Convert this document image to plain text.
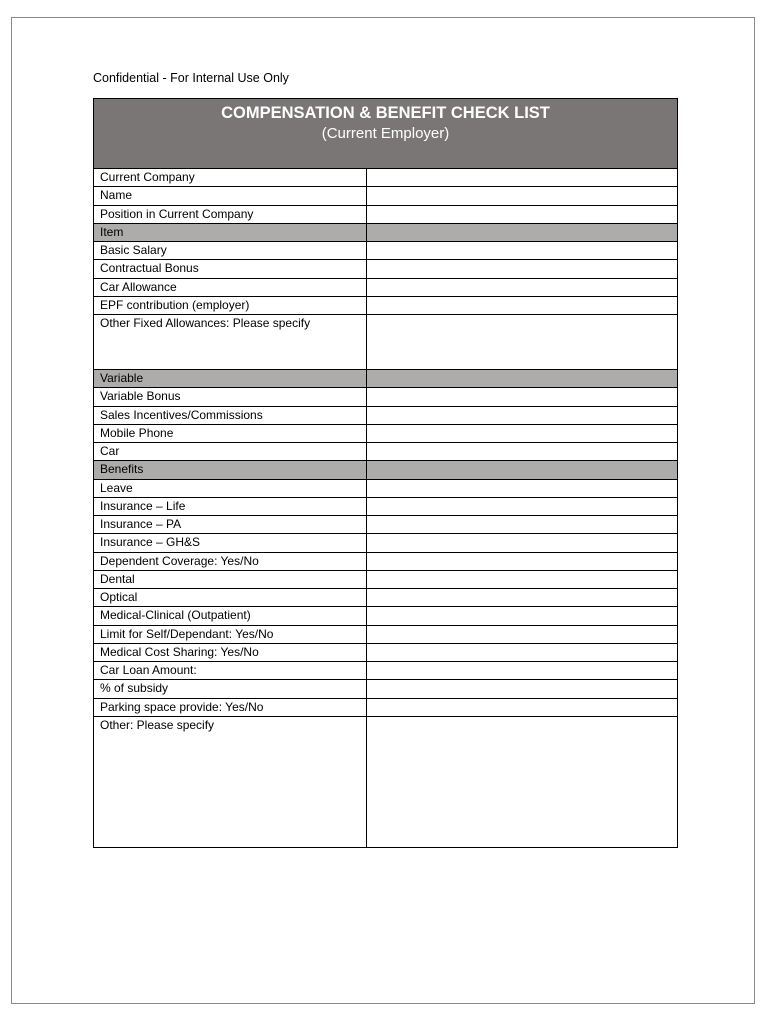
Confidential - For Internal Use Only
COMPENSATION & BENEFIT CHECK LIST
(Current Employer)
Current Company
Name
Position in Current Company
Item
Basic Salary
Contractual Bonus
Car Allowance
EPF contribution (employer)
Other Fixed Allowances: Please specify
Variable
Variable Bonus
Sales Incentives/Commissions
Mobile Phone
Car
Benefits
Leave
Insurance – Life
Insurance – PA
Insurance – GH&S
Dependent Coverage: Yes/No
Dental
Optical
Medical-Clinical (Outpatient)
Limit for Self/Dependant: Yes/No
Medical Cost Sharing: Yes/No
Car Loan Amount:
% of subsidy
Parking space provide: Yes/No
Other: Please specify
